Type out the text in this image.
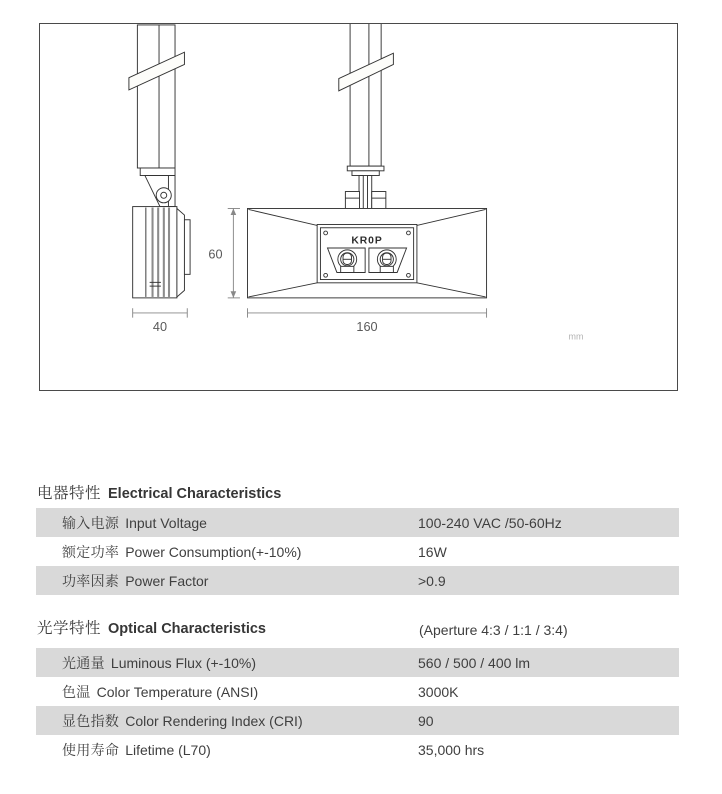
KR0P
60
40	160
mm
电器特性 Electrical Characteristics
输入电源 Input Voltage	100-240 VAC /50-60Hz
额定功率 Power Consumption(+-10%)	16W
功率因素 Power Factor	>0.9
光学特性 Optical Characteristics	(Aperture 4:3 / 1:1 / 3:4)
光通量 Luminous Flux (+-10%)	560 / 500 / 400 lm
色温 Color Temperature (ANSI)	3000K
显色指数 Color Rendering Index (CRI)	90
使用寿命 Lifetime (L70)	35,000 hrs
